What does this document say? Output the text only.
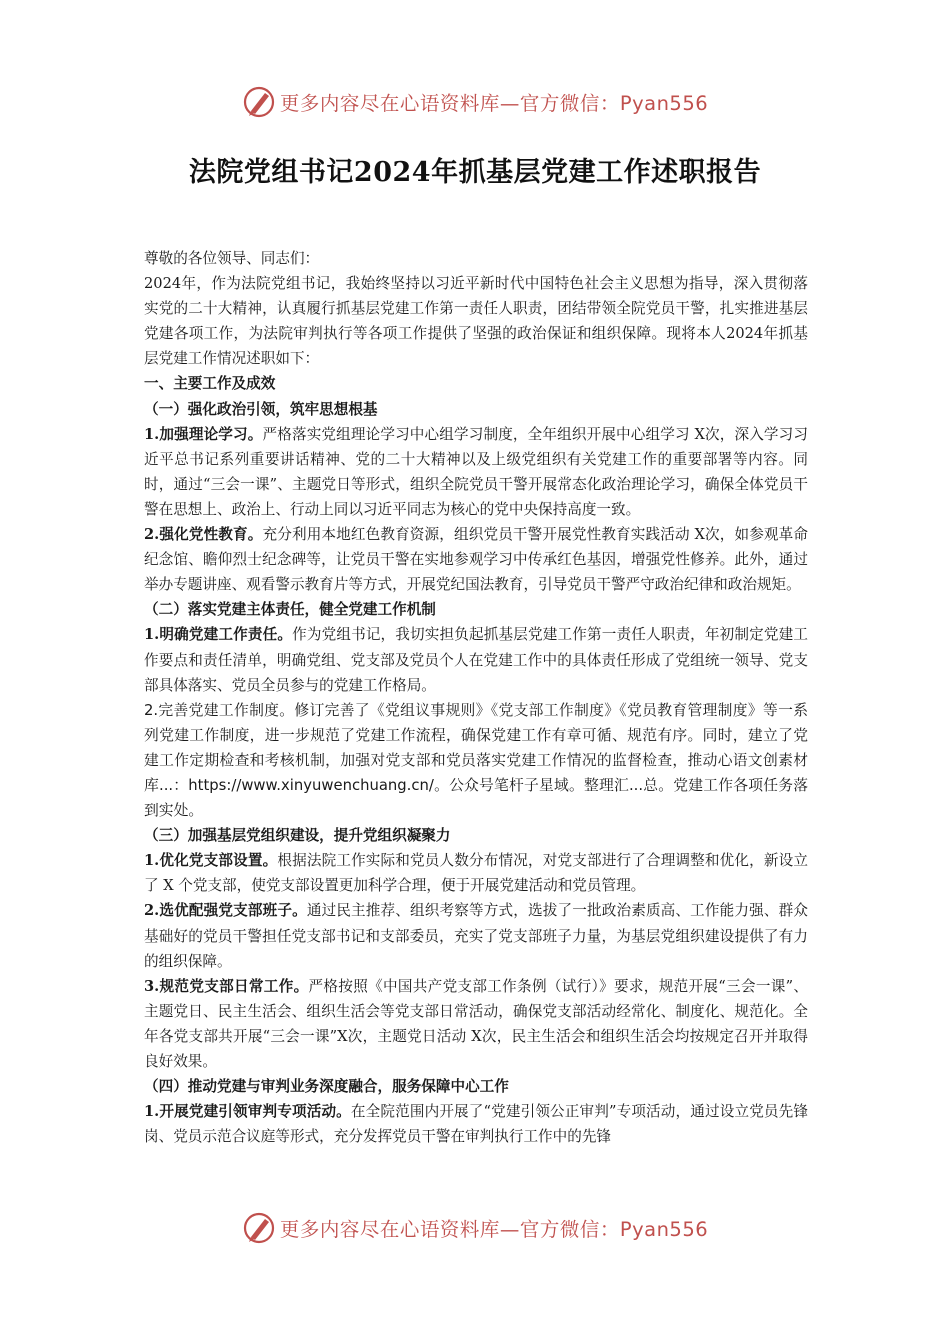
更多内容尽在心语资料库—官方微信：Pyan556
法院党组书记2024年抓基层党建工作述职报告

尊敬的各位领导、同志们：

2024年，作为法院党组书记，我始终坚持以习近平新时代中国特色社会主义思想为指导，深入贯彻落实党的二十大精神，认真履行抓基层党建工作第一责任人职责，团结带领全院党员干警，扎实推进基层党建各项工作，为法院审判执行等各项工作提供了坚强的政治保证和组织保障。现将本人2024年抓基层党建工作情况述职如下：

一、主要工作及成效

（一）强化政治引领，筑牢思想根基

1.加强理论学习。严格落实党组理论学习中心组学习制度，全年组织开展中心组学习 X次，深入学习习近平总书记系列重要讲话精神、党的二十大精神以及上级党组织有关党建工作的重要部署等内容。同时，通过“三会一课”、主题党日等形式，组织全院党员干警开展常态化政治理论学习，确保全体党员干警在思想上、政治上、行动上同以习近平同志为核心的党中央保持高度一致。

2.强化党性教育。充分利用本地红色教育资源，组织党员干警开展党性教育实践活动 X次，如参观革命纪念馆、瞻仰烈士纪念碑等，让党员干警在实地参观学习中传承红色基因，增强党性修养。此外，通过举办专题讲座、观看警示教育片等方式，开展党纪国法教育，引导党员干警严守政治纪律和政治规矩。

（二）落实党建主体责任，健全党建工作机制

1.明确党建工作责任。作为党组书记，我切实担负起抓基层党建工作第一责任人职责，年初制定党建工作要点和责任清单，明确党组、党支部及党员个人在党建工作中的具体责任形成了党组统一领导、党支部具体落实、党员全员参与的党建工作格局。

2.完善党建工作制度。修订完善了《党组议事规则》《党支部工作制度》《党员教育管理制度》等一系列党建工作制度，进一步规范了党建工作流程，确保党建工作有章可循、规范有序。同时，建立了党建工作定期检查和考核机制，加强对党支部和党员落实党建工作情况的监督检查，推动心语文创素材库...：https://www.xinyuwenchuang.cn/。公众号笔杆子星域。整理汇...总。党建工作各项任务落到实处。

（三）加强基层党组织建设，提升党组织凝聚力

1.优化党支部设置。根据法院工作实际和党员人数分布情况，对党支部进行了合理调整和优化，新设立了 X 个党支部，使党支部设置更加科学合理，便于开展党建活动和党员管理。

2.选优配强党支部班子。通过民主推荐、组织考察等方式，选拔了一批政治素质高、工作能力强、群众基础好的党员干警担任党支部书记和支部委员，充实了党支部班子力量，为基层党组织建设提供了有力的组织保障。

3.规范党支部日常工作。严格按照《中国共产党支部工作条例（试行）》要求，规范开展“三会一课”、主题党日、民主生活会、组织生活会等党支部日常活动，确保党支部活动经常化、制度化、规范化。全年各党支部共开展“三会一课”X次，主题党日活动 X次，民主生活会和组织生活会均按规定召开并取得良好效果。

（四）推动党建与审判业务深度融合，服务保障中心工作

1.开展党建引领审判专项活动。在全院范围内开展了“党建引领公正审判”专项活动，通过设立党员先锋岗、党员示范合议庭等形式，充分发挥党员干警在审判执行工作中的先锋

更多内容尽在心语资料库—官方微信：Pyan556
